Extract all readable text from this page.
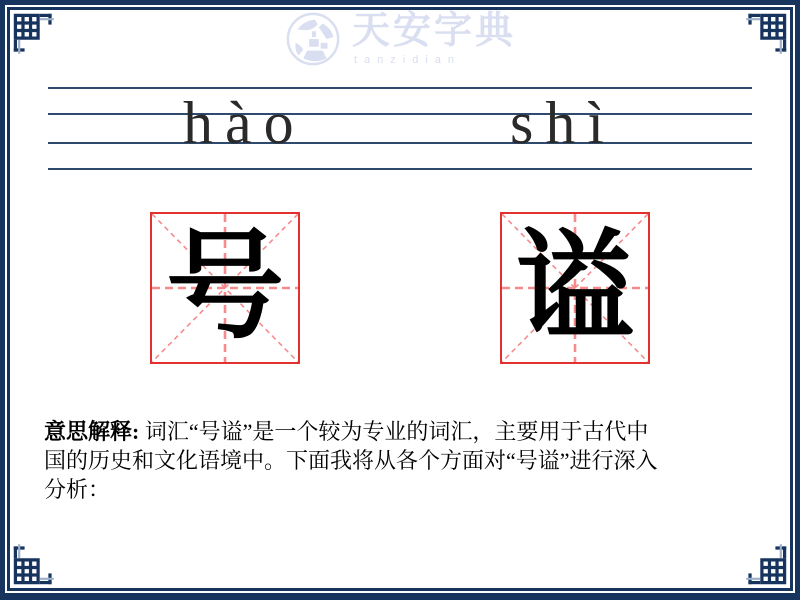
天安字典
tanzidian
hào	shì
号 谥
意思解释: 词汇“号谥”是一个较为专业的词汇，主要用于古代中
国的历史和文化语境中。下面我将从各个方面对“号谥”进行深入
分析：
